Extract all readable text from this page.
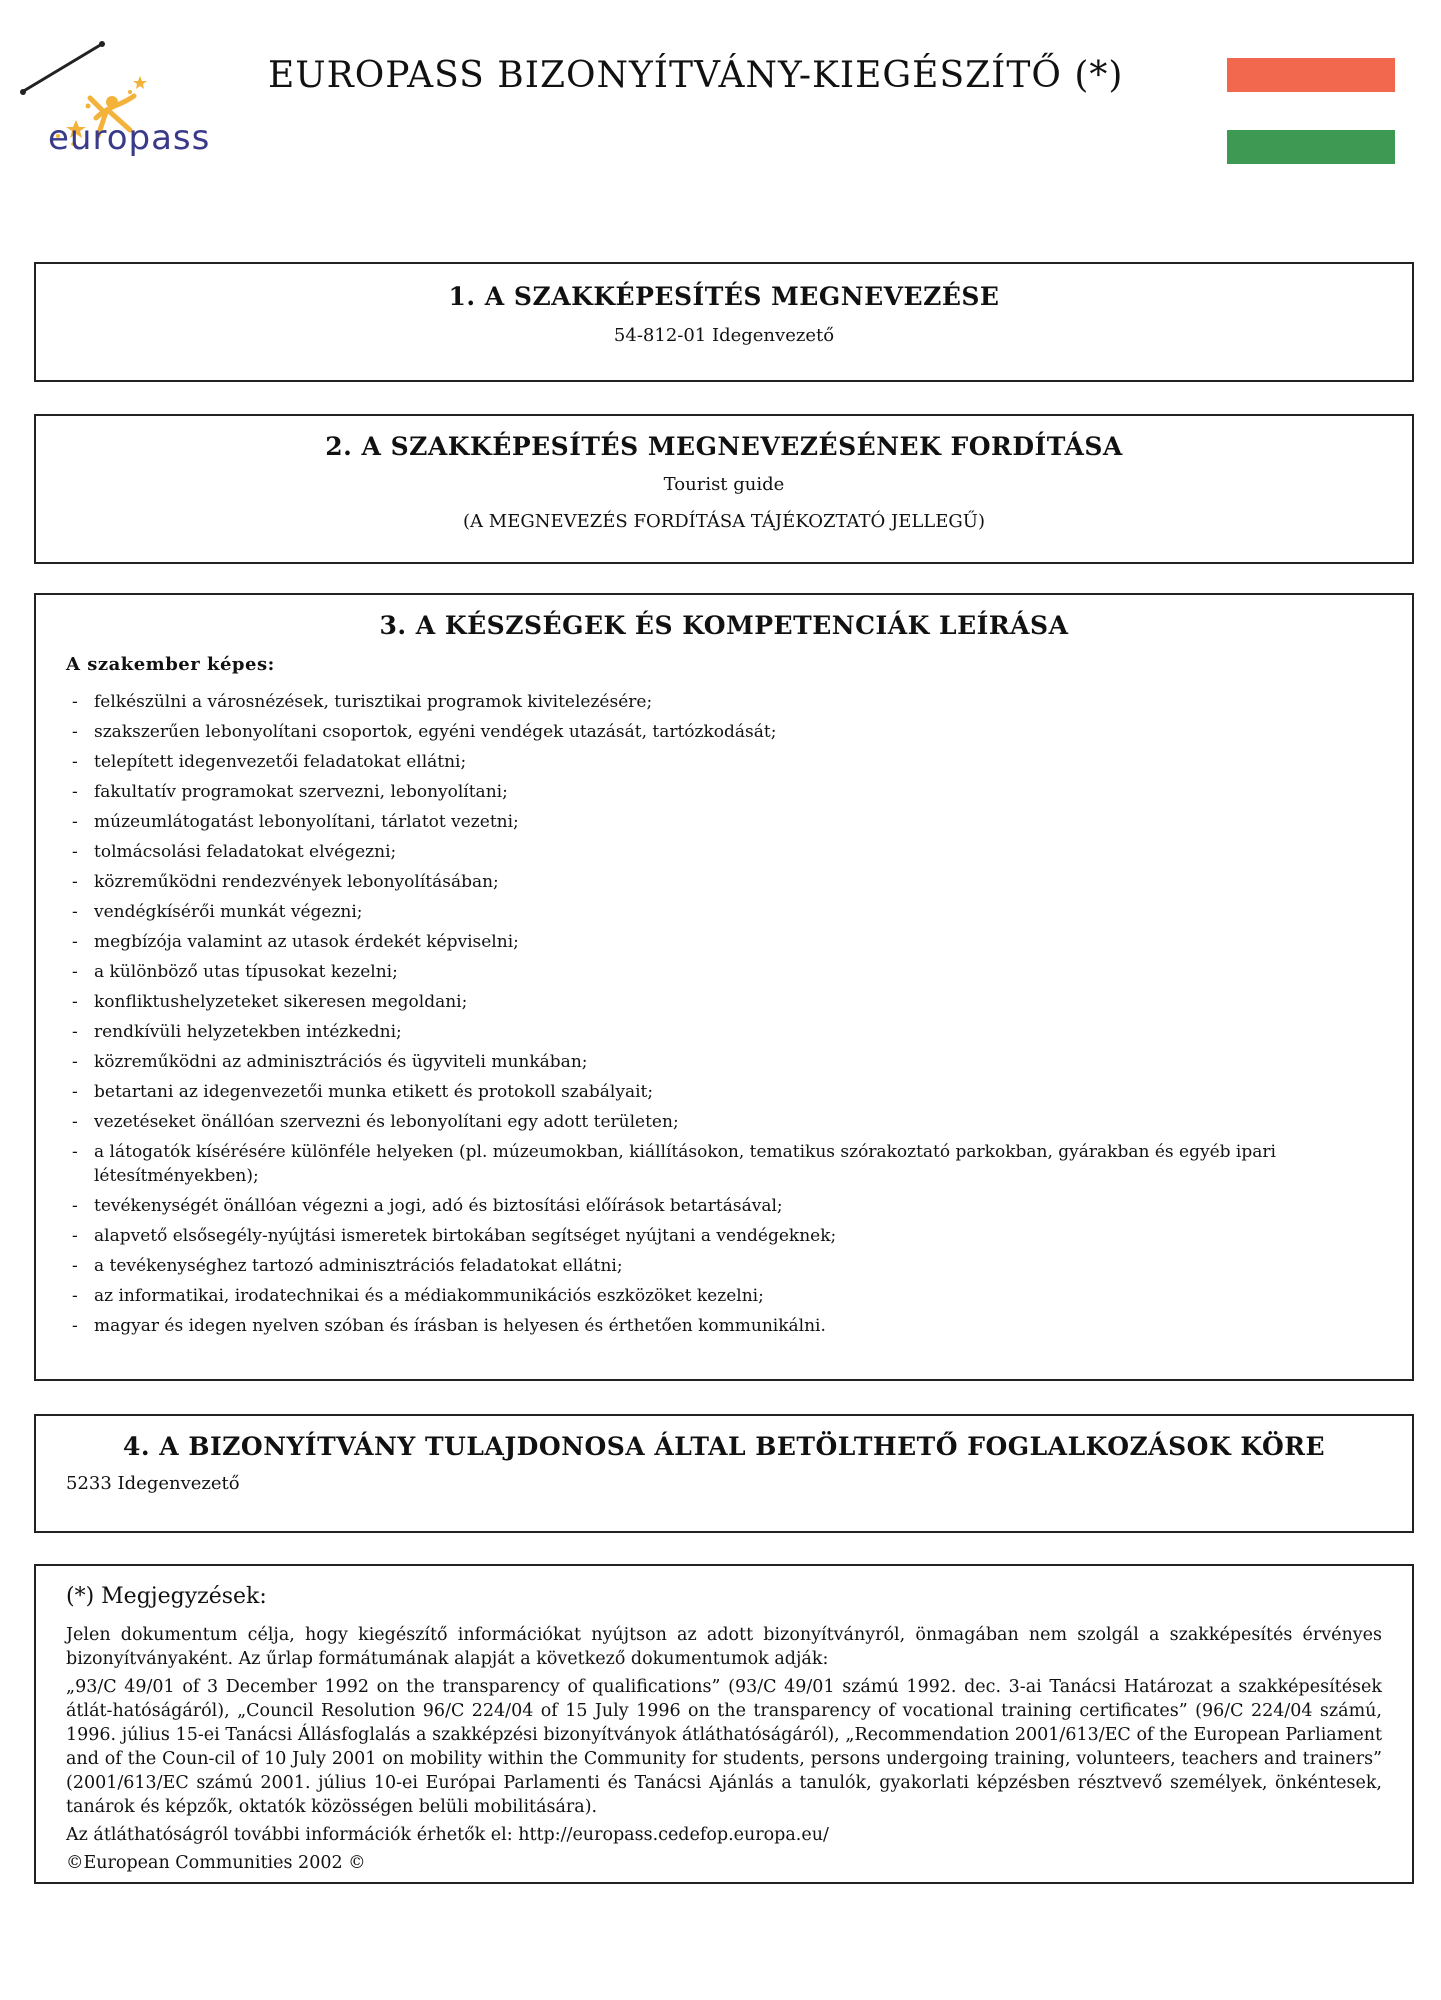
europass
EUROPASS BIZONYÍTVÁNY-KIEGÉSZÍTŐ (*)
1. A SZAKKÉPESÍTÉS MEGNEVEZÉSE
54-812-01 Idegenvezető
2. A SZAKKÉPESÍTÉS MEGNEVEZÉSÉNEK FORDÍTÁSA
Tourist guide
(A MEGNEVEZÉS FORDÍTÁSA TÁJÉKOZTATÓ JELLEGŰ)
3. A KÉSZSÉGEK ÉS KOMPETENCIÁK LEÍRÁSA
A szakember képes:
- felkészülni a városnézések, turisztikai programok kivitelezésére;
- szakszerűen lebonyolítani csoportok, egyéni vendégek utazását, tartózkodását;
- telepített idegenvezetői feladatokat ellátni;
- fakultatív programokat szervezni, lebonyolítani;
- múzeumlátogatást lebonyolítani, tárlatot vezetni;
- tolmácsolási feladatokat elvégezni;
- közreműködni rendezvények lebonyolításában;
- vendégkísérői munkát végezni;
- megbízója valamint az utasok érdekét képviselni;
- a különböző utas típusokat kezelni;
- konfliktushelyzeteket sikeresen megoldani;
- rendkívüli helyzetekben intézkedni;
- közreműködni az adminisztrációs és ügyviteli munkában;
- betartani az idegenvezetői munka etikett és protokoll szabályait;
- vezetéseket önállóan szervezni és lebonyolítani egy adott területen;
- a látogatók kísérésére különféle helyeken (pl. múzeumokban, kiállításokon, tematikus szórakoztató parkokban, gyárakban és egyéb ipari létesítményekben);
- tevékenységét önállóan végezni a jogi, adó és biztosítási előírások betartásával;
- alapvető elsősegély-nyújtási ismeretek birtokában segítséget nyújtani a vendégeknek;
- a tevékenységhez tartozó adminisztrációs feladatokat ellátni;
- az informatikai, irodatechnikai és a médiakommunikációs eszközöket kezelni;
- magyar és idegen nyelven szóban és írásban is helyesen és érthetően kommunikálni.
4. A BIZONYÍTVÁNY TULAJDONOSA ÁLTAL BETÖLTHETŐ FOGLALKOZÁSOK KÖRE
5233 Idegenvezető
(*) Megjegyzések:

Jelen dokumentum célja, hogy kiegészítő információkat nyújtson az adott bizonyítványról, önmagában nem szolgál a szakképesítés érvényes bizonyítványaként. Az űrlap formátumának alapját a következő dokumentumok adják:

„93/C 49/01 of 3 December 1992 on the transparency of qualifications” (93/C 49/01 számú 1992. dec. 3-ai Tanácsi Határozat a szakképesítések átlát-hatóságáról), „Council Resolution 96/C 224/04 of 15 July 1996 on the transparency of vocational training certificates” (96/C 224/04 számú, 1996. július 15-ei Tanácsi Állásfoglalás a szakképzési bizonyítványok átláthatóságáról), „Recommendation 2001/613/EC of the European Parliament and of the Coun-cil of 10 July 2001 on mobility within the Community for students, persons undergoing training, volunteers, teachers and trainers” (2001/613/EC számú 2001. július 10-ei Európai Parlamenti és Tanácsi Ajánlás a tanulók, gyakorlati képzésben résztvevő személyek, önkéntesek, tanárok és képzők, oktatók közösségen belüli mobilitására).

Az átláthatóságról további információk érhetők el: http://europass.cedefop.europa.eu/

©European Communities 2002 ©
